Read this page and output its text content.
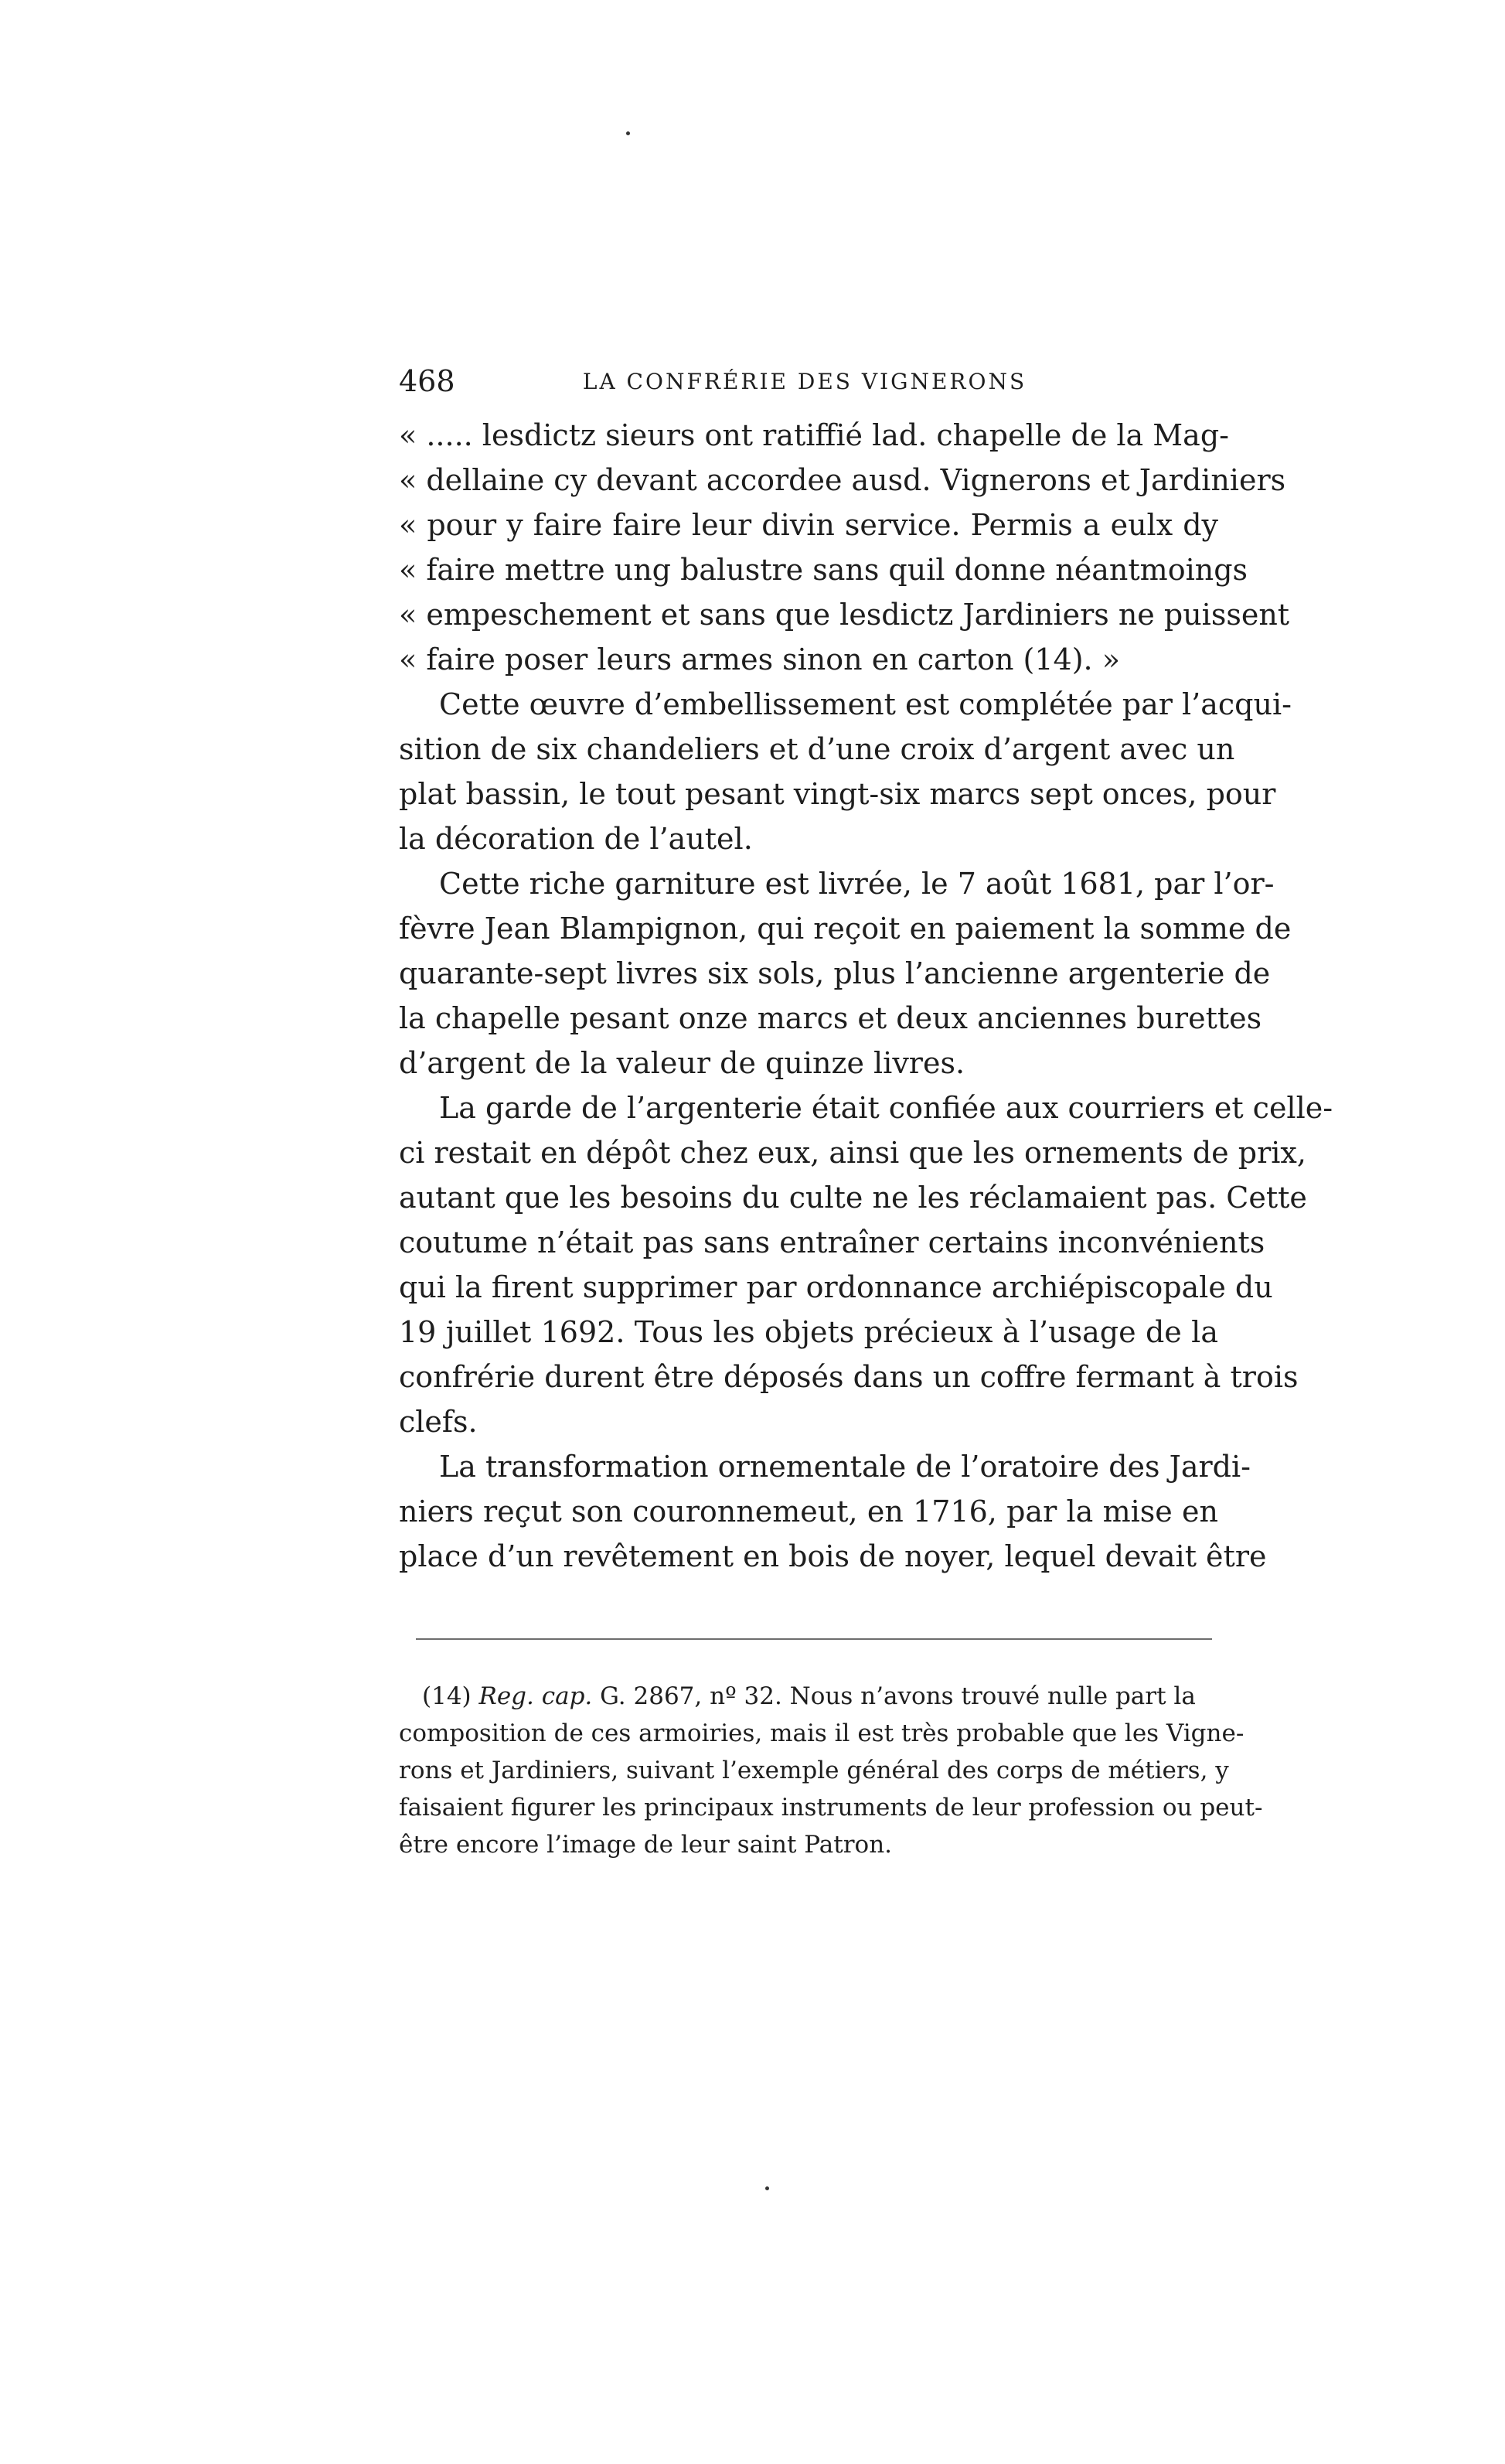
468	LA CONFRÉRIE DES VIGNERONS
« ..... lesdictz sieurs ont ratiffié lad. chapelle de la Mag-
« dellaine cy devant accordee ausd. Vignerons et Jardiniers
« pour y faire faire leur divin service. Permis a eulx dy
« faire mettre ung balustre sans quil donne néantmoings
« empeschement et sans que lesdictz Jardiniers ne puissent
« faire poser leurs armes sinon en carton (14). »
Cette œuvre d’embellissement est complétée par l’acqui-
sition de six chandeliers et d’une croix d’argent avec un
plat bassin, le tout pesant vingt-six marcs sept onces, pour
la décoration de l’autel.
Cette riche garniture est livrée, le 7 août 1681, par l’or-
fèvre Jean Blampignon, qui reçoit en paiement la somme de
quarante-sept livres six sols, plus l’ancienne argenterie de
la chapelle pesant onze marcs et deux anciennes burettes
d’argent de la valeur de quinze livres.
La garde de l’argenterie était confiée aux courriers et celle-
ci restait en dépôt chez eux, ainsi que les ornements de prix,
autant que les besoins du culte ne les réclamaient pas. Cette
coutume n’était pas sans entraîner certains inconvénients
qui la firent supprimer par ordonnance archiépiscopale du
19 juillet 1692. Tous les objets précieux à l’usage de la
confrérie durent être déposés dans un coffre fermant à trois
clefs.
La transformation ornementale de l’oratoire des Jardi-
niers reçut son couronnemeut, en 1716, par la mise en
place d’un revêtement en bois de noyer, lequel devait être
(14) Reg. cap. G. 2867, nº 32. Nous n’avons trouvé nulle part la
composition de ces armoiries, mais il est très probable que les Vigne-
rons et Jardiniers, suivant l’exemple général des corps de métiers, y
faisaient figurer les principaux instruments de leur profession ou peut-
être encore l’image de leur saint Patron.
